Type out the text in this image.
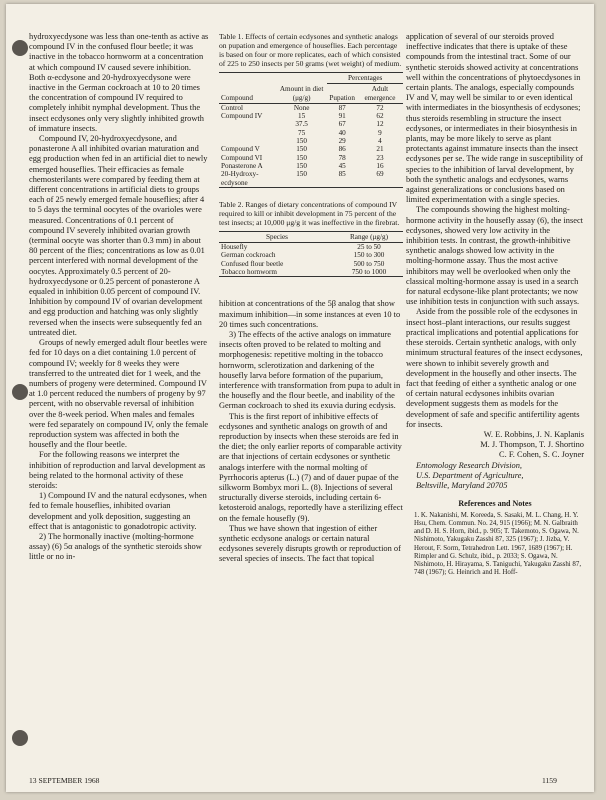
hydroxyecdysone was less than one-tenth as active as compound IV in the confused flour beetle; it was inactive in the tobacco hornworm at a concentration at which compound IV caused severe inhibition. Both α-ecdysone and 20-hydroxyecdysone were inactive in the German cockroach at 10 to 20 times the concentration of compound IV required to completely inhibit nymphal development. Thus the insect ecdysones only very slightly inhibited growth of immature insects.

Compound IV, 20-hydroxyecdysone, and ponasterone A all inhibited ovarian maturation and egg production when fed in an artificial diet to newly emerged houseflies. Their efficacies as female chemosterilants were compared by feeding them at different concentrations in artificial diets to groups each of 25 newly emerged female houseflies; after 4 to 5 days the terminal oocytes of the ovarioles were measured. Concentrations of 0.1 percent of compound IV severely inhibited ovarian growth (terminal oocyte was shorter than 0.3 mm) in about 80 percent of the flies; concentrations as low as 0.01 percent interfered with normal development of the oocytes. Approximately 0.5 percent of 20-hydroxyecdysone or 0.25 percent of ponasterone A equaled in inhibition 0.05 percent of compound IV. Inhibition by compound IV of ovarian development and egg production and hatching was only slightly reversed when the insects were subsequently fed an untreated diet.

Groups of newly emerged adult flour beetles were fed for 10 days on a diet containing 1.0 percent of compound IV; weekly for 8 weeks they were transferred to the untreated diet for 1 week, and the numbers of progeny were determined. Compound IV at 1.0 percent reduced the numbers of progeny by 97 percent, with no observable reversal of inhibition over the 8-week period. When males and females were fed separately on compound IV, only the female reproduction system was affected in both the housefly and the flour beetle.

For the following reasons we interpret the inhibition of reproduction and larval development as being related to the hormonal activity of these steroids:

1) Compound IV and the natural ecdysones, when fed to female houseflies, inhibited ovarian development and yolk deposition, suggesting an effect that is antagonistic to gonadotropic activity.

2) The hormonally inactive (molting-hormone assay) (6) 5α analogs of the synthetic steroids show little or no in-

Table 1. Effects of certain ecdysones and synthetic analogs on pupation and emergence of houseflies. Each percentage is based on four or more replicates, each of which consisted of 225 to 250 insects per 50 grams (wet weight) of medium.

Compound	Amount in diet (μg/g)	Percentages	
		Pupation	Adult emergence
Control	None	87	72
Compound IV	15	91	62
	37.5	67	12
	75	40	9
	150	29	4
Compound V	150	86	21
Compound VI	150	78	23
Ponasterone A	150	45	16
20-Hydroxy-ecdysone	150	85	69

Table 2. Ranges of dietary concentrations of compound IV required to kill or inhibit development in 75 percent of the test insects; at 10,000 μg/g it was ineffective in the firebrat.

Species	Range (μg/g)
Housefly	25 to 50
German cockroach	150 to 300
Confused flour beetle	500 to 750
Tobacco hornworm	750 to 1000

hibition at concentrations of the 5β analog that show maximum inhibition—in some instances at even 10 to 20 times such concentrations.

3) The effects of the active analogs on immature insects often proved to be related to molting and morphogenesis: repetitive molting in the tobacco hornworm, sclerotization and darkening of the housefly larva before formation of the puparium, interference with transformation from pupa to adult in the housefly and the flour beetle, and inability of the German cockroach to shed its exuvia during ecdysis.

This is the first report of inhibitive effects of ecdysones and synthetic analogs on growth of and reproduction by insects when these steroids are fed in the diet; the only earlier reports of comparable activity are that injections of certain ecdysones or synthetic analogs interfere with the normal molting of Pyrrhocoris apterus (L.) (7) and of dauer pupae of the silkworm Bombyx mori L. (8). Injections of several structurally diverse steroids, including certain 6-ketosteroid analogs, reportedly have a sterilizing effect on the female housefly (9).

Thus we have shown that ingestion of either synthetic ecdysone analogs or certain natural ecdysones severely disrupts growth or reproduction of several species of insects. The fact that topical

application of several of our steroids proved ineffective indicates that there is uptake of these compounds from the intestinal tract. Some of our synthetic steroids showed activity at concentrations well within the concentrations of phytoecdysones in certain plants. The analogs, especially compounds IV and V, may well be similar to or even identical with intermediates in the biosynthesis of ecdysones; thus steroids resembling in structure the insect ecdysones, or intermediates in their biosynthesis in plants, may be more likely to serve as plant protectants against immature insects than the insect ecdysones per se. The wide range in susceptibility of species to the inhibition of larval development, by both the synthetic analogs and ecdysones, warns against generalizations or conclusions based on limited experimentation with a single species.

The compounds showing the highest molting-hormone activity in the housefly assay (6), the insect ecdysones, showed very low activity in the inhibition tests. In contrast, the growth-inhibitive synthetic analogs showed low activity in the molting-hormone assay. Thus the most active inhibitors may well be overlooked when only the classical molting-hormone assay is used in a search for natural ecdysone-like plant protectants; we now use inhibition tests in conjunction with such assays.

Aside from the possible role of the ecdysones in insect host–plant interactions, our results suggest practical implications and potential applications for these steroids. Certain synthetic analogs, with only minimum structural features of the insect ecdysones, were shown to inhibit severely growth and development in the housefly and other insects. The fact that feeding of either a synthetic analog or one of certain natural ecdysones inhibits ovarian development suggests them as models for the development of safe and specific antifertility agents for insects.

W. E. Robbins, J. N. Kaplanis
M. J. Thompson, T. J. Shortino
C. F. Cohen, S. C. Joyner
Entomology Research Division,
U.S. Department of Agriculture,
Beltsville, Maryland 20705
References and Notes

1. K. Nakanishi, M. Koreeda, S. Sasaki, M. L. Chang, H. Y. Hsu, Chem. Commun. No. 24, 915 (1966); M. N. Galbraith and D. H. S. Horn, ibid., p. 905; T. Takemoto, S. Ogawa, N. Nishimoto, Yakugaku Zasshi 87, 325 (1967); J. Jizba, V. Herout, F. Sorm, Tetrahedron Lett. 1967, 1689 (1967); H. Rimpler and G. Schulz, ibid., p. 2033; S. Ogawa, N. Nishimoto, H. Hirayama, S. Taniguchi, Yakugaku Zasshi 87, 748 (1967); G. Heinrich and H. Hoff-

13 SEPTEMBER 1968	1159
